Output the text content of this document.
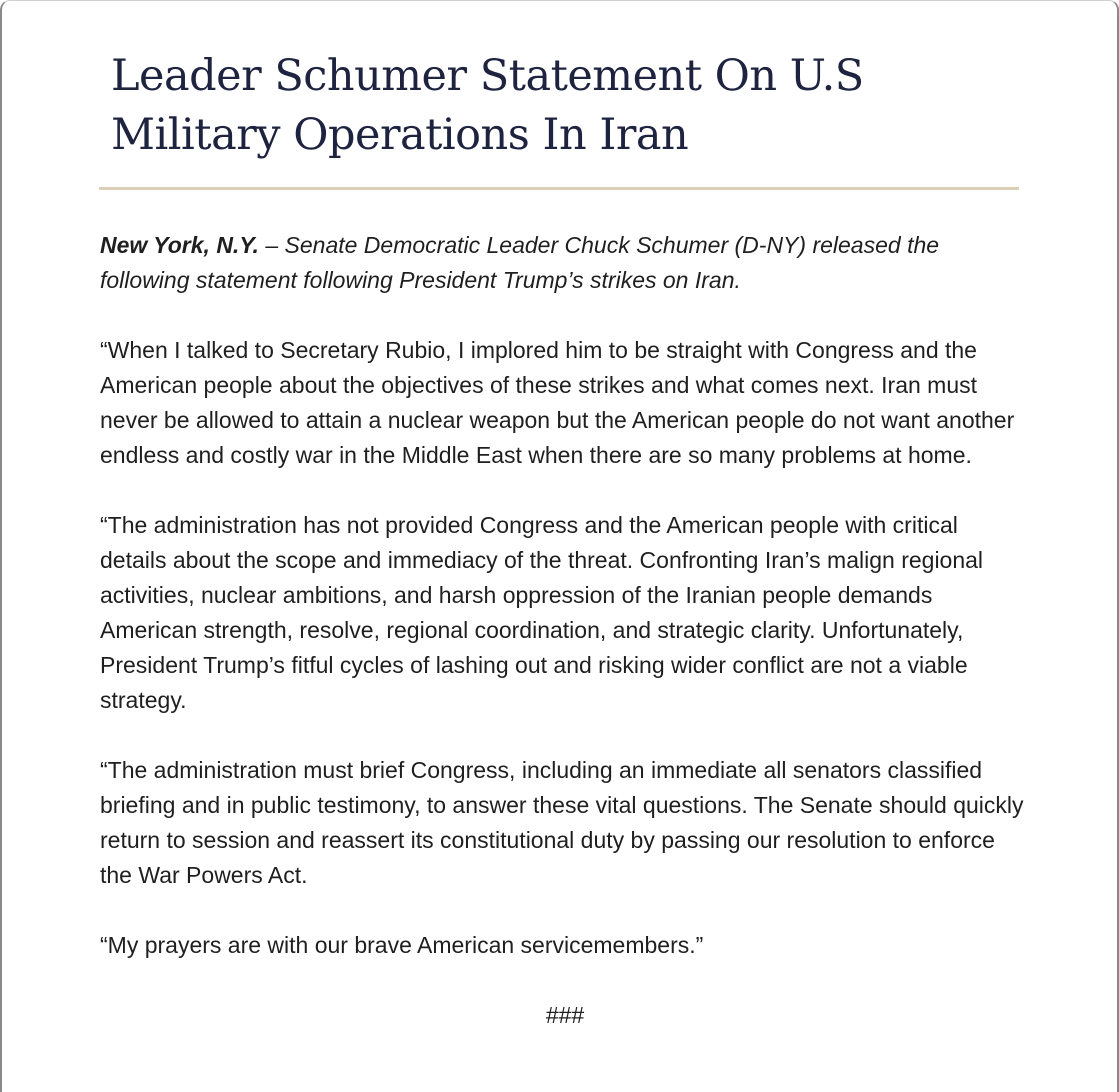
Leader Schumer Statement On U.S Military Operations In Iran

New York, N.Y. – Senate Democratic Leader Chuck Schumer (D-NY) released the following statement following President Trump’s strikes on Iran.

“When I talked to Secretary Rubio, I implored him to be straight with Congress and the American people about the objectives of these strikes and what comes next. Iran must never be allowed to attain a nuclear weapon but the American people do not want another endless and costly war in the Middle East when there are so many problems at home.

“The administration has not provided Congress and the American people with critical details about the scope and immediacy of the threat. Confronting Iran’s malign regional activities, nuclear ambitions, and harsh oppression of the Iranian people demands American strength, resolve, regional coordination, and strategic clarity. Unfortunately, President Trump’s fitful cycles of lashing out and risking wider conflict are not a viable strategy.

“The administration must brief Congress, including an immediate all senators classified briefing and in public testimony, to answer these vital questions. The Senate should quickly return to session and reassert its constitutional duty by passing our resolution to enforce the War Powers Act.

“My prayers are with our brave American servicemembers.”

###
